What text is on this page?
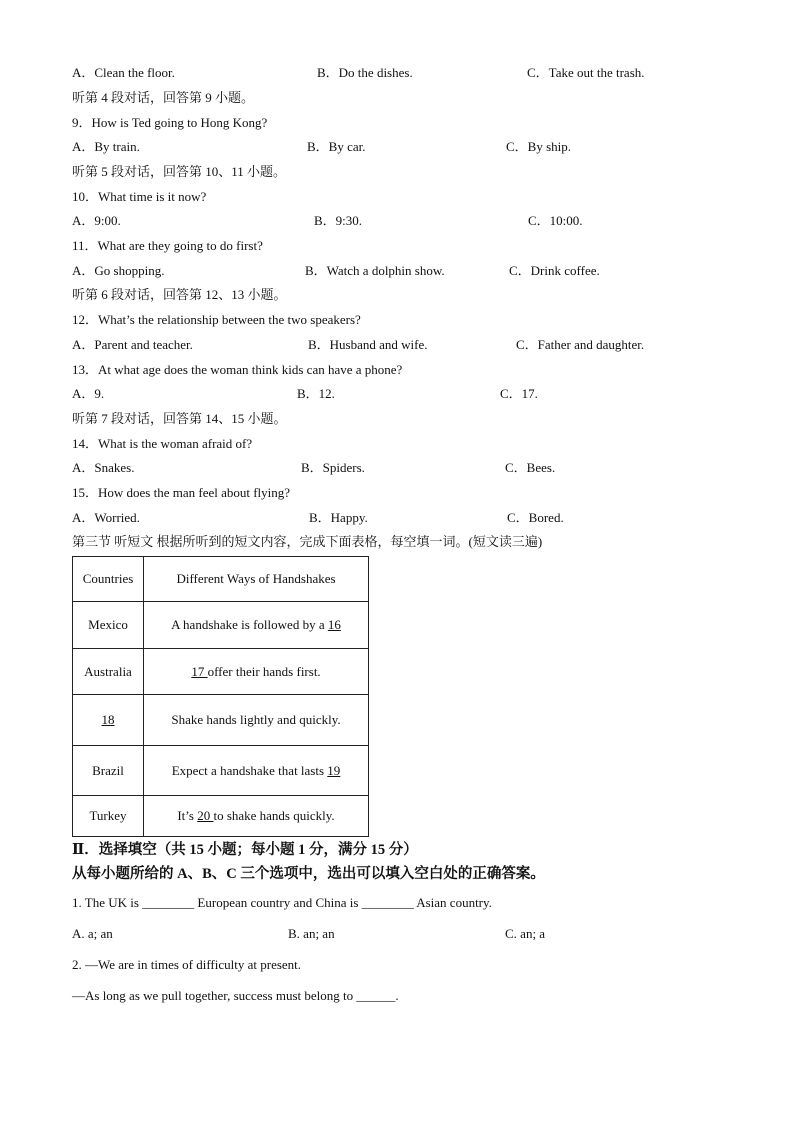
A．Clean the floor.	B．Do the dishes.	C．Take out the trash.
听第 4 段对话，回答第 9 小题。
9．How is Ted going to Hong Kong?
A．By train.	B．By car.	C．By ship.
听第 5 段对话，回答第 10、11 小题。
10．What time is it now?
A．9:00.	B．9:30.	C．10:00.
11．What are they going to do first?
A．Go shopping.	B．Watch a dolphin show.	C．Drink coffee.
听第 6 段对话，回答第 12、13 小题。
12．What’s the relationship between the two speakers?
A．Parent and teacher.	B．Husband and wife.	C．Father and daughter.
13．At what age does the woman think kids can have a phone?
A．9.	B．12.	C．17.
听第 7 段对话，回答第 14、15 小题。
14．What is the woman afraid of?
A．Snakes.	B．Spiders.	C．Bees.
15．How does the man feel about flying?
A．Worried.	B．Happy.	C．Bored.
第三节 听短文 根据所听到的短文内容，完成下面表格，每空填一词。(短文读三遍)
Countries	Different Ways of Handshakes
Mexico	A handshake is followed by a 16
Australia	17 offer their hands first.
18	Shake hands lightly and quickly.
Brazil	Expect a handshake that lasts 19
Turkey	It’s 20 to shake hands quickly.
Ⅱ．选择填空（共 15 小题；每小题 1 分，满分 15 分）
从每小题所给的 A、B、C 三个选项中，选出可以填入空白处的正确答案。
1. The UK is ________ European country and China is ________ Asian country.
A. a; an	B. an; an	C. an; a
2. —We are in times of difficulty at present.
—As long as we pull together, success must belong to ______.
